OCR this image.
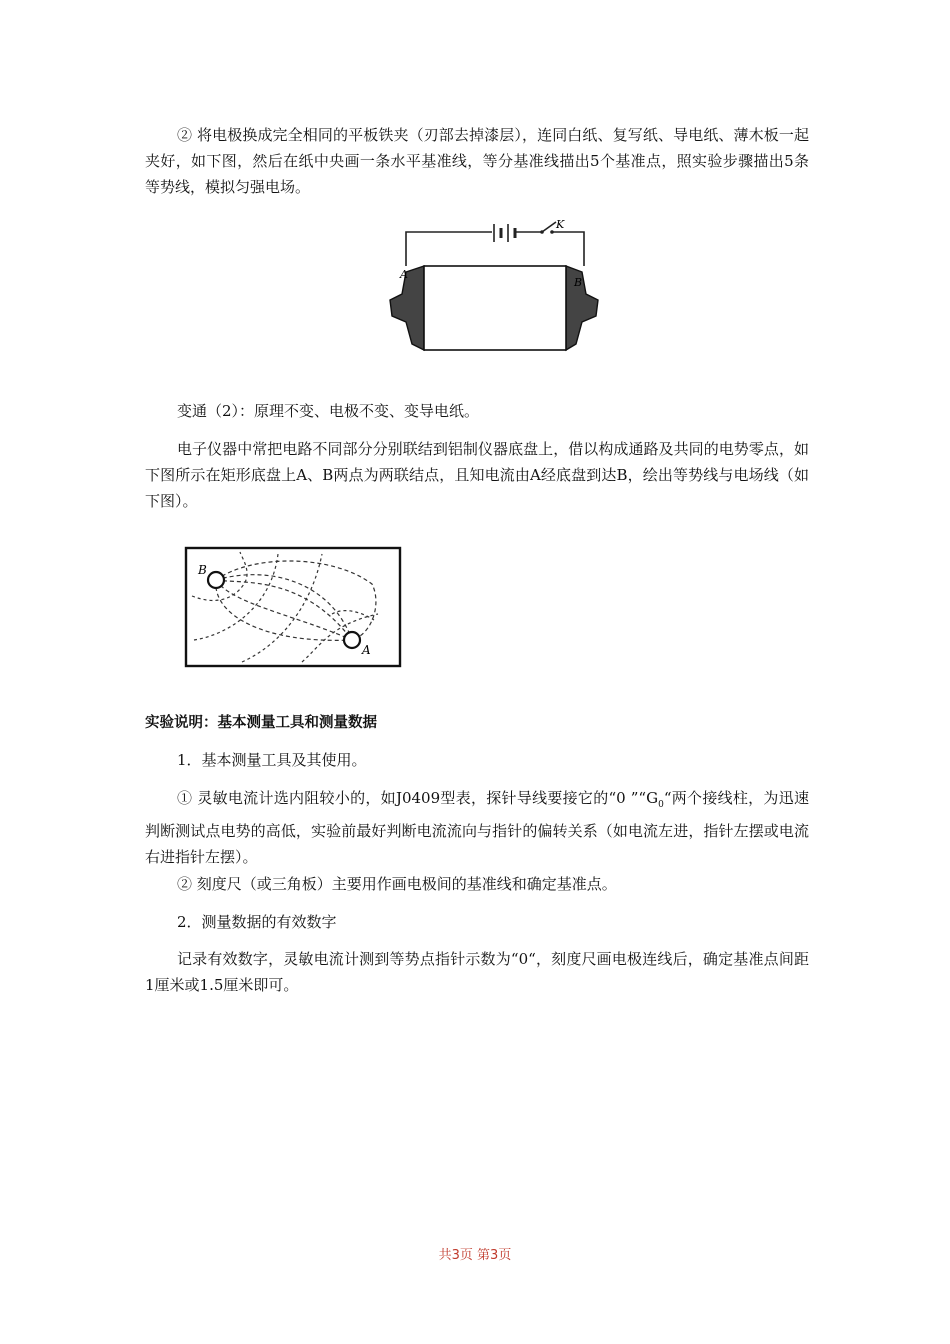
② 将电极换成完全相同的平板铁夹（刃部去掉漆层），连同白纸、复写纸、导电纸、薄木板一起夹好，如下图，然后在纸中央画一条水平基准线，等分基准线描出5个基准点，照实验步骤描出5条等势线，模拟匀强电场。

K
A
B

变通（2）：原理不变、电极不变、变导电纸。

电子仪器中常把电路不同部分分别联结到铝制仪器底盘上，借以构成通路及共同的电势零点，如下图所示在矩形底盘上A、B两点为两联结点，且知电流由A经底盘到达B，绘出等势线与电场线（如下图）。

B
A

实验说明：基本测量工具和测量数据

1．基本测量工具及其使用。

① 灵敏电流计选内阻较小的，如J0409型表，探针导线要接它的“0 $”“G_0“$两个接线柱，为迅速判断测试点电势的高低，实验前最好判断电流流向与指针的偏转关系（如电流左进，指针左摆或电流右进指针左摆）。

② 刻度尺（或三角板）主要用作画电极间的基准线和确定基准点。

2．测量数据的有效数字

记录有效数字，灵敏电流计测到等势点指针示数为“0“，刻度尺画电极连线后，确定基准点间距1厘米或1.5厘米即可。

共3页 第3页
